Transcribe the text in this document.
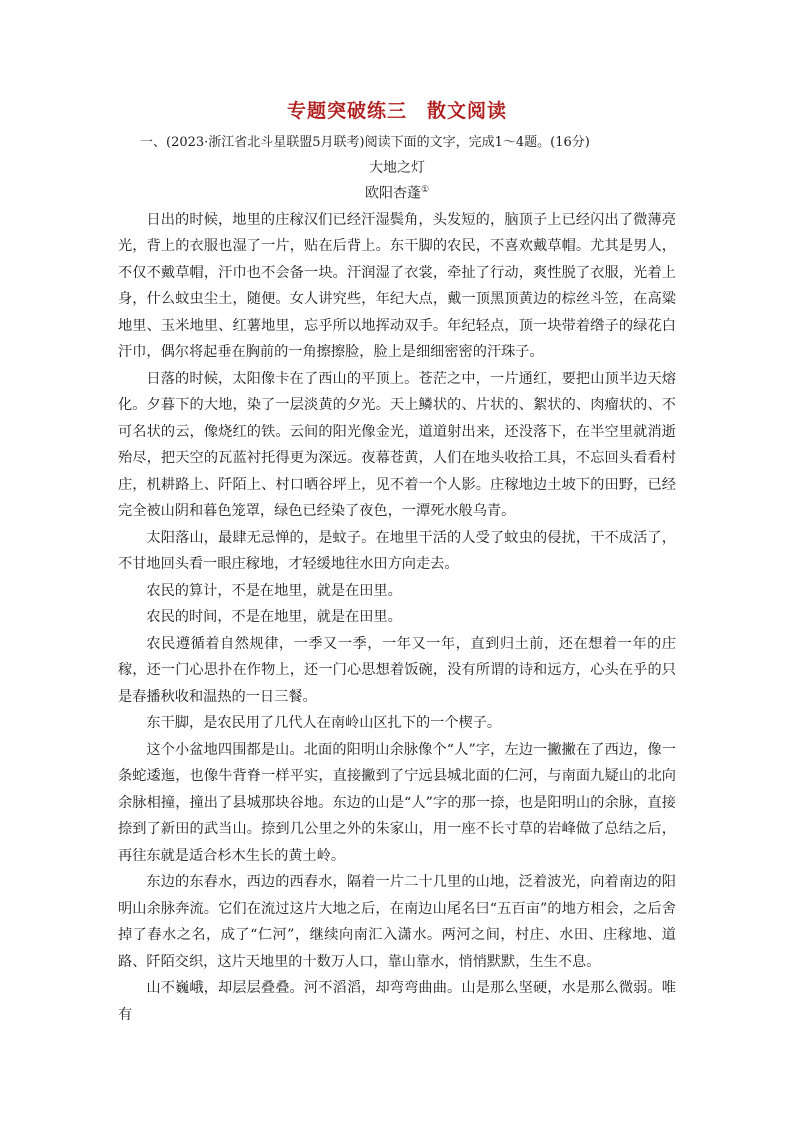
专题突破练三　散文阅读

一、(2023·浙江省北斗星联盟5月联考)阅读下面的文字，完成1～4题。(16分)

大地之灯

欧阳杏蓬①

日出的时候，地里的庄稼汉们已经汗湿鬓角，头发短的，脑顶子上已经闪出了微薄亮光，背上的衣服也湿了一片，贴在后背上。东干脚的农民，不喜欢戴草帽。尤其是男人，不仅不戴草帽，汗巾也不会备一块。汗润湿了衣裳，牵扯了行动，爽性脱了衣服，光着上身，什么蚊虫尘土，随便。女人讲究些，年纪大点，戴一顶黑顶黄边的棕丝斗笠，在高粱地里、玉米地里、红薯地里，忘乎所以地挥动双手。年纪轻点，顶一块带着绺子的绿花白汗巾，偶尔将起垂在胸前的一角擦擦脸，脸上是细细密密的汗珠子。

日落的时候，太阳像卡在了西山的平顶上。苍茫之中，一片通红，要把山顶半边天熔化。夕暮下的大地，染了一层淡黄的夕光。天上鳞状的、片状的、絮状的、肉瘤状的、不可名状的云，像烧红的铁。云间的阳光像金光，道道射出来，还没落下，在半空里就消逝殆尽，把天空的瓦蓝衬托得更为深远。夜幕苍黄，人们在地头收拾工具，不忘回头看看村庄，机耕路上、阡陌上、村口晒谷坪上，见不着一个人影。庄稼地边土坡下的田野，已经完全被山阴和暮色笼罩，绿色已经染了夜色，一潭死水般乌青。

太阳落山，最肆无忌惮的，是蚊子。在地里干活的人受了蚊虫的侵扰，干不成活了，不甘地回头看一眼庄稼地，才轻缓地往水田方向走去。

农民的算计，不是在地里，就是在田里。

农民的时间，不是在地里，就是在田里。

农民遵循着自然规律，一季又一季，一年又一年，直到归土前，还在想着一年的庄稼，还一门心思扑在作物上，还一门心思想着饭碗，没有所谓的诗和远方，心头在乎的只是春播秋收和温热的一日三餐。

东干脚，是农民用了几代人在南岭山区扎下的一个楔子。

这个小盆地四围都是山。北面的阳明山余脉像个“人”字，左边一撇撇在了西边，像一条蛇逶迤，也像牛背脊一样平实，直接撇到了宁远县城北面的仁河，与南面九疑山的北向余脉相撞，撞出了县城那块谷地。东边的山是“人”字的那一捺，也是阳明山的余脉，直接捺到了新田的武当山。捺到几公里之外的朱家山，用一座不长寸草的岩峰做了总结之后，再往东就是适合杉木生长的黄土岭。

东边的东舂水，西边的西舂水，隔着一片二十几里的山地，泛着波光，向着南边的阳明山余脉奔流。它们在流过这片大地之后，在南边山尾名曰“五百亩”的地方相会，之后舍掉了舂水之名，成了“仁河”，继续向南汇入潇水。两河之间，村庄、水田、庄稼地、道路、阡陌交织，这片天地里的十数万人口，靠山靠水，悄悄默默，生生不息。

山不巍峨，却层层叠叠。河不滔滔，却弯弯曲曲。山是那么坚硬，水是那么微弱。唯有
